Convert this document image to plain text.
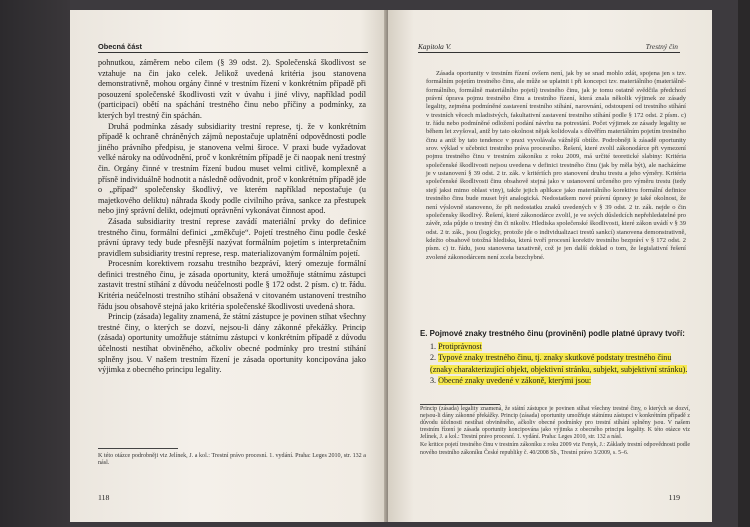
Obecná část

pohnutkou, záměrem nebo cílem (§ 39 odst. 2). Společenská škodlivost se vztahuje na čin jako celek. Jelikož uvedená kritéria jsou stanovena demonstrativně, mohou orgány činné v trestním řízení v konkrétním případě při posouzení společenské škodlivosti vzít v úvahu i jiné vlivy, například podíl (participaci) obětí na spáchání trestného činu nebo příčiny a podmínky, za kterých byl trestný čin spáchán.

Druhá podmínka zásady subsidiarity trestní represe, tj. že v konkrétním případě k ochraně chráněných zájmů nepostačuje uplatnění odpovědnosti podle jiného právního předpisu, je stanovena velmi široce. V praxi bude vyžadovat velké nároky na odůvodnění, proč v konkrétním případě je či naopak není trestný čin. Orgány činné v trestním řízení budou muset velmi citlivě, komplexně a přísně individuálně hodnotit a následně odůvodnit, proč v konkrétním případě jde o „případ“ společensky škodlivý, ve kterém například nepostačuje (u majetkového deliktu) náhrada škody podle civilního práva, sankce za přestupek nebo jiný správní delikt, odejmutí oprávnění vykonávat činnost apod.

Zásada subsidiarity trestní represe zavádí materiální prvky do definice trestného činu, formální definici „změkčuje“. Pojetí trestného činu podle české právní úpravy tedy bude přesnější nazývat formálním pojetím s interpretačním pravidlem subsidiarity trestní represe, resp. materializovaným formálním pojetí.

Procesním korektivem rozsahu trestního bezpráví, který omezuje formální definici trestného činu, je zásada oportunity, která umožňuje státnímu zástupci zastavit trestní stíhání z důvodu neúčelnosti podle § 172 odst. 2 písm. c) tr. řádu. Kritéria neúčelnosti trestního stíhání obsažená v citovaném ustanovení trestního řádu jsou obsahově stejná jako kritéria společenské škodlivosti uvedená shora.

Princip (zásada) legality znamená, že státní zástupce je povinen stíhat všechny trestné činy, o kterých se dozví, nejsou-li dány zákonné překážky. Princip (zásada) oportunity umožňuje státnímu zástupci v konkrétním případě z důvodu účelnosti nestíhat obviněného, ačkoliv obecné podmínky pro trestní stíhání splněny jsou. V našem trestním řízení je zásada oportunity koncipována jako výjimka z obecného principu legality.

K této otázce podrobněji viz Jelínek, J. a kol.: Trestní právo procesní. 1. vydání. Praha: Leges 2010, str. 132 a násl.
118
Kapitola V.	Trestný čin

Zásada oportunity v trestním řízení ovšem není, jak by se snad mohlo zdát, spojena jen s tzv. formálním pojetím trestného činu, ale může se uplatnit i při koncepci tzv. materiálního (materiálně-formálního, formálně materiálního pojetí) trestného činu, jak je tomu ostatně svědčila předchozí právní úprava pojmu trestného činu a trestního řízení, která znala několik výjimek ze zásady legality, zejména podmíněné zastavení trestního stíhání, narovnání, odstoupení od trestního stíhání v trestních věcech mladistvých, fakultativní zastavení trestního stíhání podle § 172 odst. 2 písm. c) tr. řádu nebo podmíněné odložení podání návrhu na potrestání. Počet výjimek ze zásady legality se během let zvyšoval, aniž by tato okolnost nějak kolidovala s důvěřím materiálním pojetím trestného činu a aniž by tato tendence v praxi vyvolávala vážnější obtíže. Podrobněji k zásadě oportunity srov. výklad v učebnici trestního práva procesního. Řešení, které zvolil zákonodárce při vymezení pojmu trestného činu v trestním zákoníku z roku 2009, má určité teoretické slabiny: Kritéria společenské škodlivosti nejsou uvedena v definici trestného činu (jak by měla být), ale nacházíme je v ustanovení § 39 odst. 2 tr. zák. v kritériích pro stanovení druhu trestu a jeho výměry. Kritéria společenské škodlivosti činu obsahově stejná jako v ustanovení určeného pro výměru trestu (tedy stejí jaksi mimo oblast viny), takže jejich aplikace jako materiálního korektivu formální definice trestného činu bude muset být analogická. Nedostatkem nové právní úpravy je také okolnost, že není výslovně stanoveno, že při nedostatku znaků uvedených v § 39 odst. 2 tr. zák. nejde o čin společensky škodlivý. Řešení, které zákonodárce zvolil, je ve svých důsledcích nepřehledatelné pro závěr, zda půjde o trestný čin či nikoliv. Hlediska společenské škodlivosti, které zákon uvádí v § 39 odst. 2 tr. zák., jsou (logicky, protože jde o individualizaci trestů sankcí) stanovena demonstrativně, kdežto obsahově totožná hlediska, která tvoří procesní korektiv trestního bezpráví v § 172 odst. 2 písm. c) tr. řádu, jsou stanovena taxativně, což je jen další doklad o tom, že legislativní řešení zvolené zákonodárcem není zcela bezchybné.

E. Pojmové znaky trestného činu (provinění) podle platné úpravy tvoří:
1. Protiprávnost
2. Typové znaky trestného činu, tj. znaky skutkové podstaty trestného činu (znaky charakterizující objekt, objektivní stránku, subjekt, subjektivní stránku).
3. Obecné znaky uvedené v zákoně, kterými jsou:

Princip (zásada) legality znamená, že státní zástupce je povinen stíhat všechny trestné činy, o kterých se dozví, nejsou-li dány zákonné překážky. Princip (zásada) oportunity umožňuje státnímu zástupci v konkrétním případě z důvodu účelnosti nestíhat obviněného, ačkoliv obecné podmínky pro trestní stíhání splněny jsou. V našem trestním řízení je zásada oportunity koncipována jako výjimka z obecného principu legality. K této otázce viz Jelínek, J. a kol.: Trestní právo procesní. 1. vydání. Praha: Leges 2010, str. 132 a násl.

Ke kritice pojetí trestného činu v trestním zákoníku z roku 2009 viz Fenyk, J.: Základy trestní odpovědnosti podle nového trestního zákoníku České republiky č. 40/2008 Sb., Trestní právo 3/2009, s. 5–6.

119
